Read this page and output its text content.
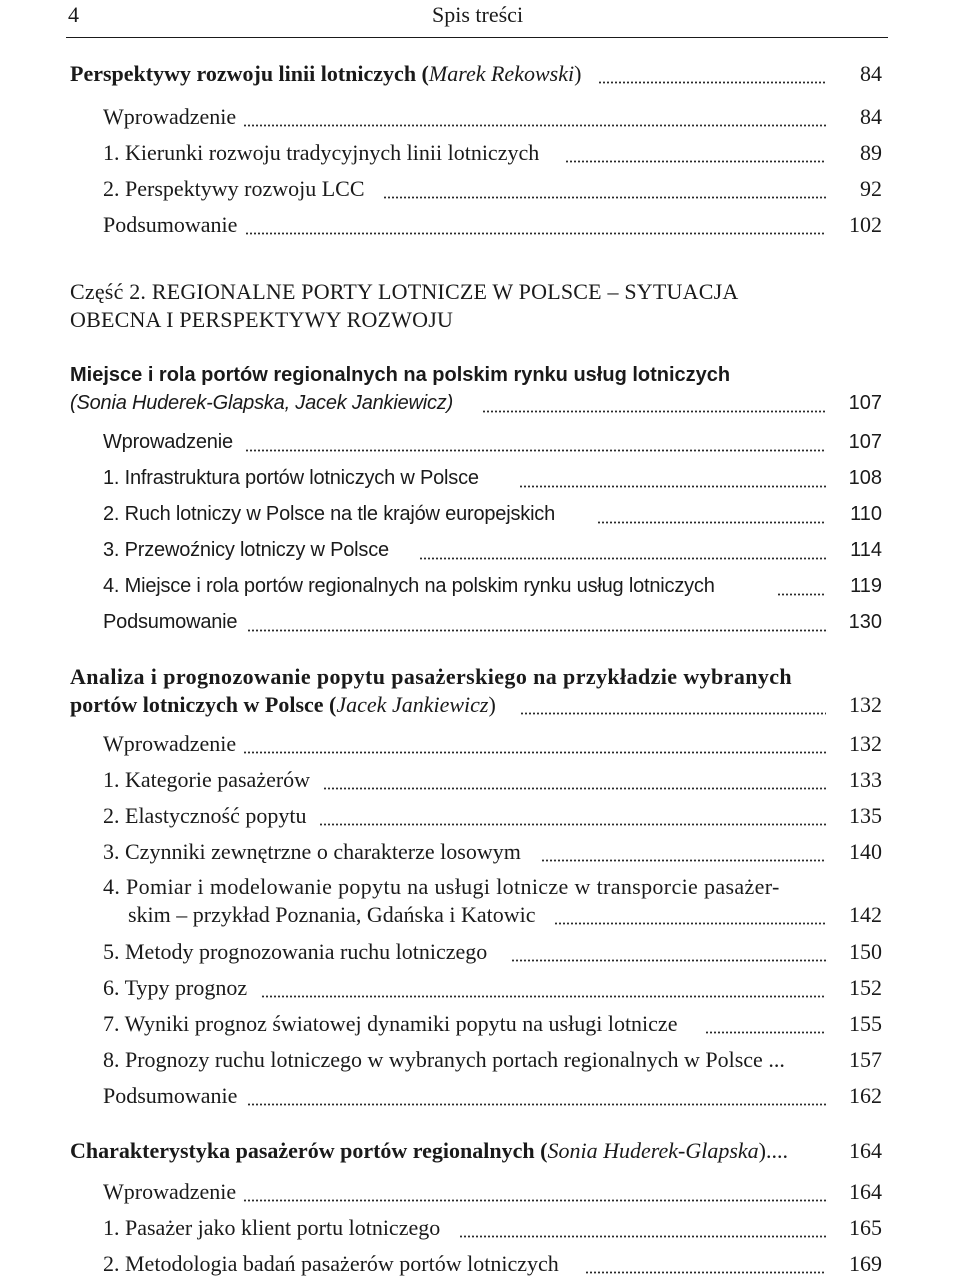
4	Spis treści
Perspektywy rozwoju linii lotniczych (Marek Rekowski)	84
Wprowadzenie	84
1. Kierunki rozwoju tradycyjnych linii lotniczych	89
2. Perspektywy rozwoju LCC	92
Podsumowanie	102
Część 2. REGIONALNE PORTY LOTNICZE W POLSCE – SYTUACJA
OBECNA I PERSPEKTYWY ROZWOJU
Miejsce i rola portów regionalnych na polskim rynku usług lotniczych
(Sonia Huderek-Glapska, Jacek Jankiewicz)	107
Wprowadzenie	107
1. Infrastruktura portów lotniczych w Polsce	108
2. Ruch lotniczy w Polsce na tle krajów europejskich	110
3. Przewoźnicy lotniczy w Polsce	114
4. Miejsce i rola portów regionalnych na polskim rynku usług lotniczych	119
Podsumowanie	130
Analiza i prognozowanie popytu pasażerskiego na przykładzie wybranych
portów lotniczych w Polsce (Jacek Jankiewicz)	132
Wprowadzenie	132
1. Kategorie pasażerów	133
2. Elastyczność popytu	135
3. Czynniki zewnętrzne o charakterze losowym	140
4. Pomiar i modelowanie popytu na usługi lotnicze w transporcie pasażer-
skim – przykład Poznania, Gdańska i Katowic	142
5. Metody prognozowania ruchu lotniczego	150
6. Typy prognoz	152
7. Wyniki prognoz światowej dynamiki popytu na usługi lotnicze	155
8. Prognozy ruchu lotniczego w wybranych portach regionalnych w Polsce ...	157
Podsumowanie	162
Charakterystyka pasażerów portów regionalnych (Sonia Huderek-Glapska)....	164
Wprowadzenie	164
1. Pasażer jako klient portu lotniczego	165
2. Metodologia badań pasażerów portów lotniczych	169
